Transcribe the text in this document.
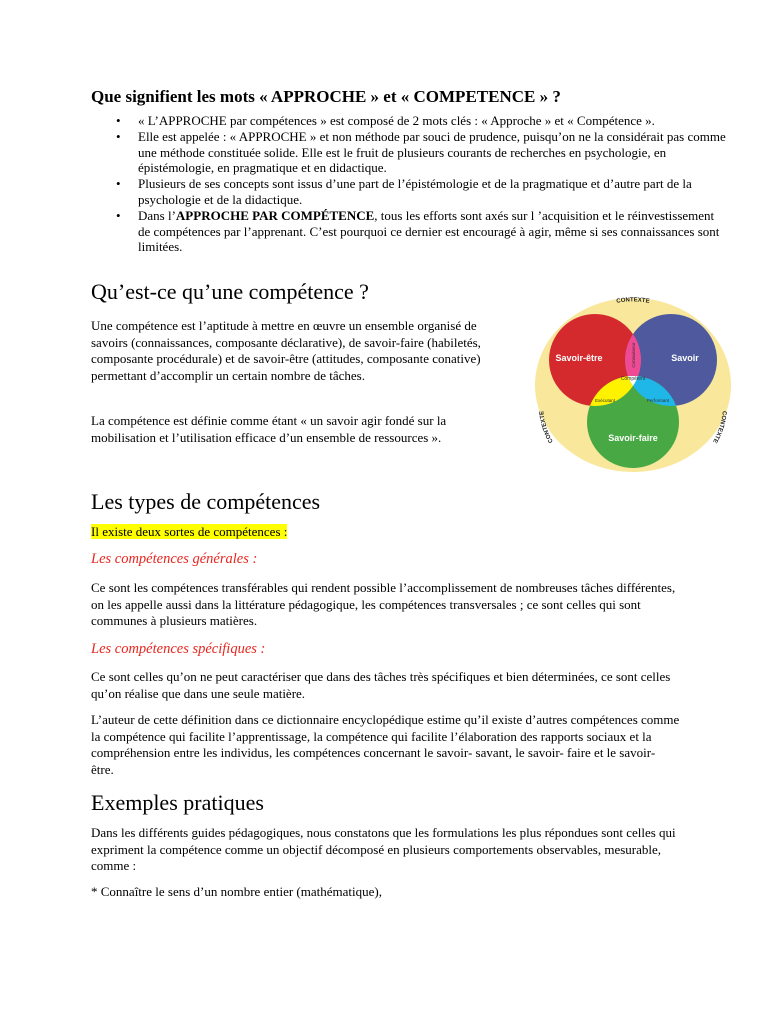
Que signifient les mots « APPROCHE » et « COMPETENCE » ?
• « L’APPROCHE par compétences » est composé de 2 mots clés : « Approche » et « Compétence ».
• Elle est appelée : « APPROCHE » et non méthode par souci de prudence, puisqu’on ne la considérait pas comme une méthode constituée solide. Elle est le fruit de plusieurs courants de recherches en psychologie, en épistémologie, en pragmatique et en didactique.
• Plusieurs de ses concepts sont issus d’une part de l’épistémologie et de la pragmatique et d’autre part de la psychologie et de la didactique.
• Dans l’APPROCHE PAR COMPÉTENCE, tous les efforts sont axés sur l ’acquisition et le réinvestissement de compétences par l’apprenant. C’est pourquoi ce dernier est encouragé à agir, même si ses connaissances sont limitées.
Qu’est-ce qu’une compétence ?

Une compétence est l’aptitude à mettre en œuvre un ensemble organisé de savoirs (connaissances, composante déclarative), de savoir-faire (habiletés, composante procédurale) et de savoir-être (attitudes, composante conative) permettant d’accomplir un certain nombre de tâches.

La compétence est définie comme étant « un savoir agir fondé sur la mobilisation et l’utilisation efficace d’un ensemble de ressources ».

CONTEXTE
CONTEXTE	CONTEXTE
Savoir-être	Savoir
Savoir-faire
Compétent
Connaisseur
Exécutant	Performant
Les types de compétences

Il existe deux sortes de compétences :

Les compétences générales :

Ce sont les compétences transférables qui rendent possible l’accomplissement de nombreuses tâches différentes, on les appelle aussi dans la littérature pédagogique, les compétences transversales ; ce sont celles qui sont communes à plusieurs matières.

Les compétences spécifiques :

Ce sont celles qu’on ne peut caractériser que dans des tâches très spécifiques et bien déterminées, ce sont celles qu’on réalise que dans une seule matière.

L’auteur de cette définition dans ce dictionnaire encyclopédique estime qu’il existe d’autres compétences comme la compétence qui facilite l’apprentissage, la compétence qui facilite l’élaboration des rapports sociaux et la compréhension entre les individus, les compétences concernant le savoir- savant, le savoir- faire et le savoir- être.

Exemples pratiques

Dans les différents guides pédagogiques, nous constatons que les formulations les plus répondues sont celles qui expriment la compétence comme un objectif décomposé en plusieurs comportements observables, mesurable, comme :

* Connaître le sens d’un nombre entier (mathématique),
